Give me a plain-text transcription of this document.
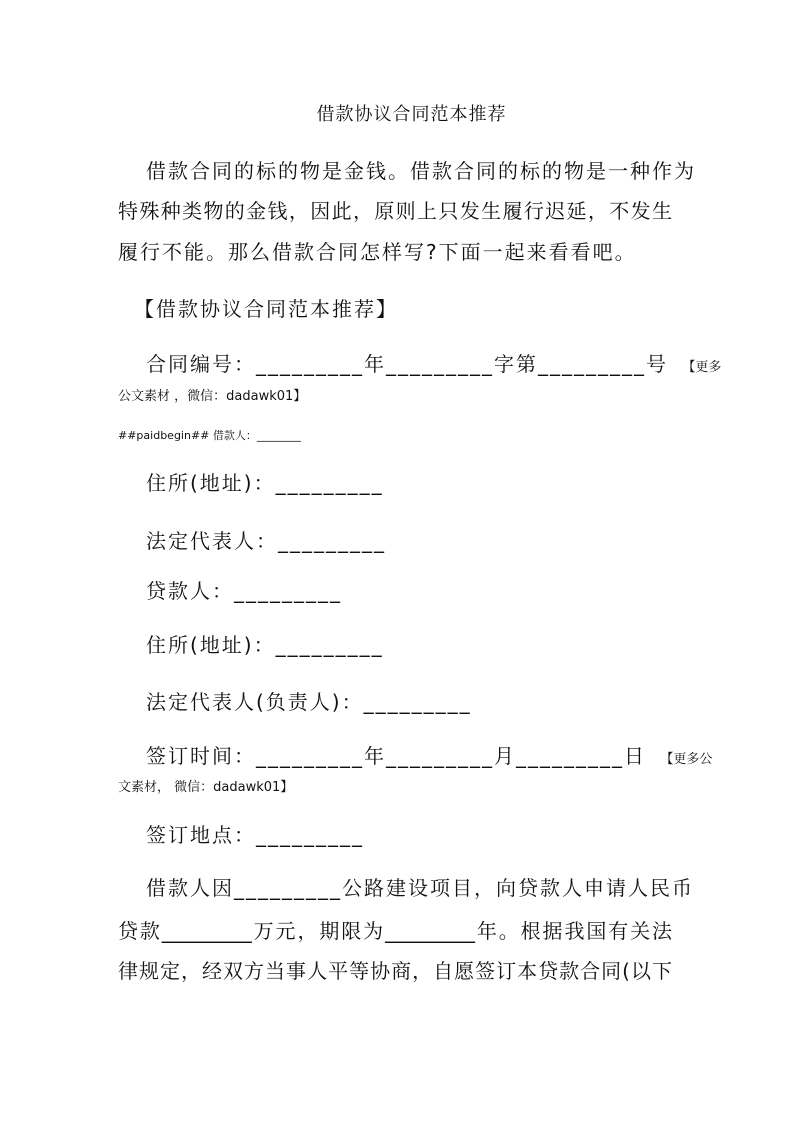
借款协议合同范本推荐
借款合同的标的物是金钱。借款合同的标的物是一种作为
特殊种类物的金钱，因此，原则上只发生履行迟延，不发生
履行不能。那么借款合同怎样写?下面一起来看看吧。
【借款协议合同范本推荐】
合同编号：_________年_________字第_________号 【更多
公文素材 ，微信：dadawk01】
##paidbegin## 借款人：________
住所(地址)：_________
法定代表人：_________
贷款人：_________
住所(地址)：_________
法定代表人(负责人)：_________
签订时间：_________年_________月_________日 【更多公
文素材， 微信：dadawk01】
签订地点：_________
借款人因_________公路建设项目，向贷款人申请人民币
贷款_________万元，期限为_________年。根据我国有关法
律规定，经双方当事人平等协商，自愿签订本贷款合同(以下
